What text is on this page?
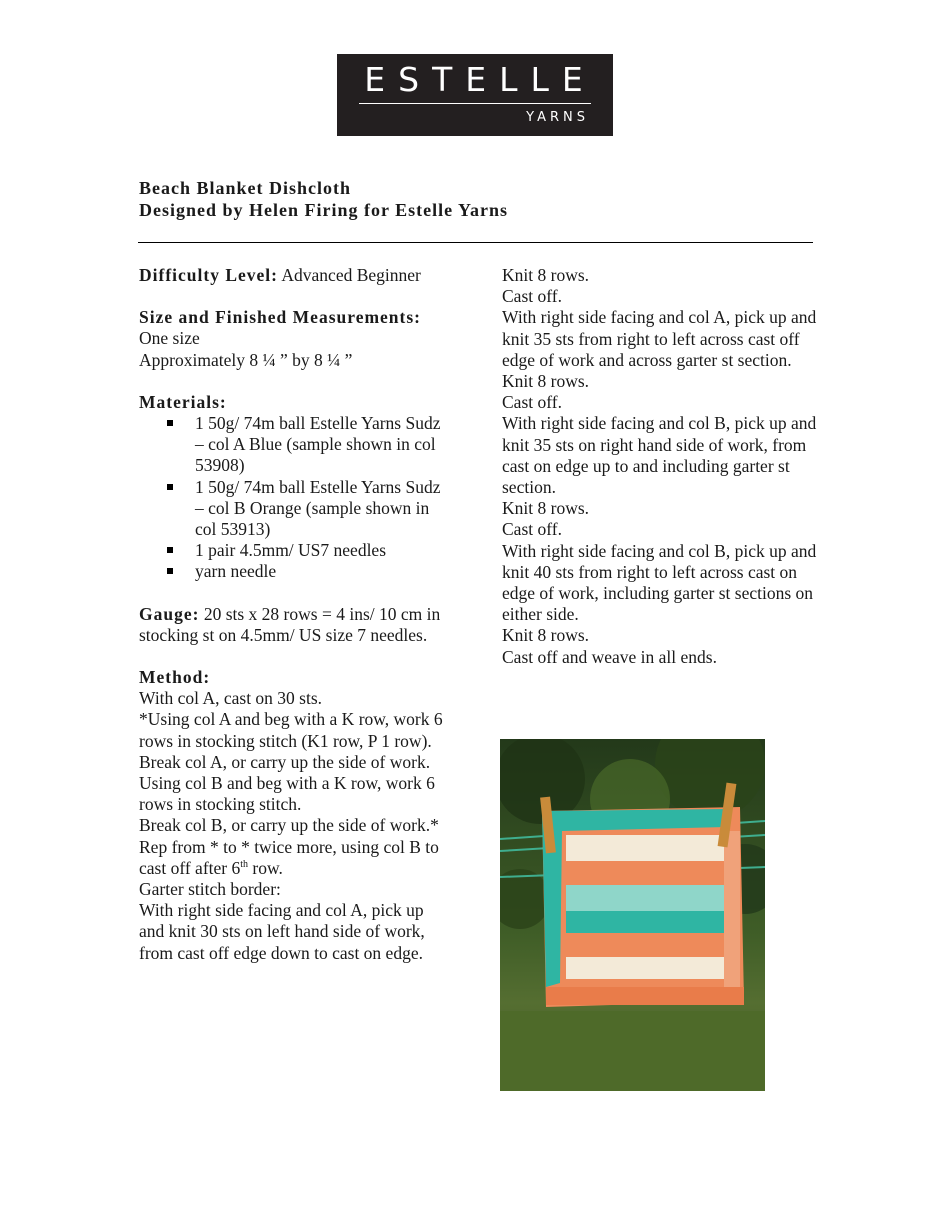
ESTELLE
YARNS
Beach Blanket Dishcloth
Designed by Helen Firing for Estelle Yarns
Difficulty Level: Advanced Beginner
Size and Finished Measurements:
One size
Approximately 8 ¼ ” by 8 ¼ ”
Materials:
1 50g/ 74m ball Estelle Yarns Sudz – col A Blue (sample shown in col 53908)
1 50g/ 74m ball Estelle Yarns Sudz – col B Orange (sample shown in col 53913)
1 pair 4.5mm/ US7 needles
yarn needle
Gauge: 20 sts x 28 rows = 4 ins/ 10 cm in stocking st on 4.5mm/ US size 7 needles.
Method:
With col A, cast on 30 sts.
*Using col A and beg with a K row, work 6 rows in stocking stitch (K1 row, P 1 row).
Break col A, or carry up the side of work.
Using col B and beg with a K row, work 6 rows in stocking stitch.
Break col B, or carry up the side of work.*
Rep from * to * twice more, using col B to cast off after 6th row.
Garter stitch border:
With right side facing and col A, pick up and knit 30 sts on left hand side of work, from cast off edge down to cast on edge.
Knit 8 rows.
Cast off.
With right side facing and col A, pick up and knit 35 sts from right to left across cast off edge of work and across garter st section.
Knit 8 rows.
Cast off.
With right side facing and col B, pick up and knit 35 sts on right hand side of work, from cast on edge up to and including garter st section.
Knit 8 rows.
Cast off.
With right side facing and col B, pick up and knit 40 sts from right to left across cast on edge of work, including garter st sections on either side.
Knit 8 rows.
Cast off and weave in all ends.
